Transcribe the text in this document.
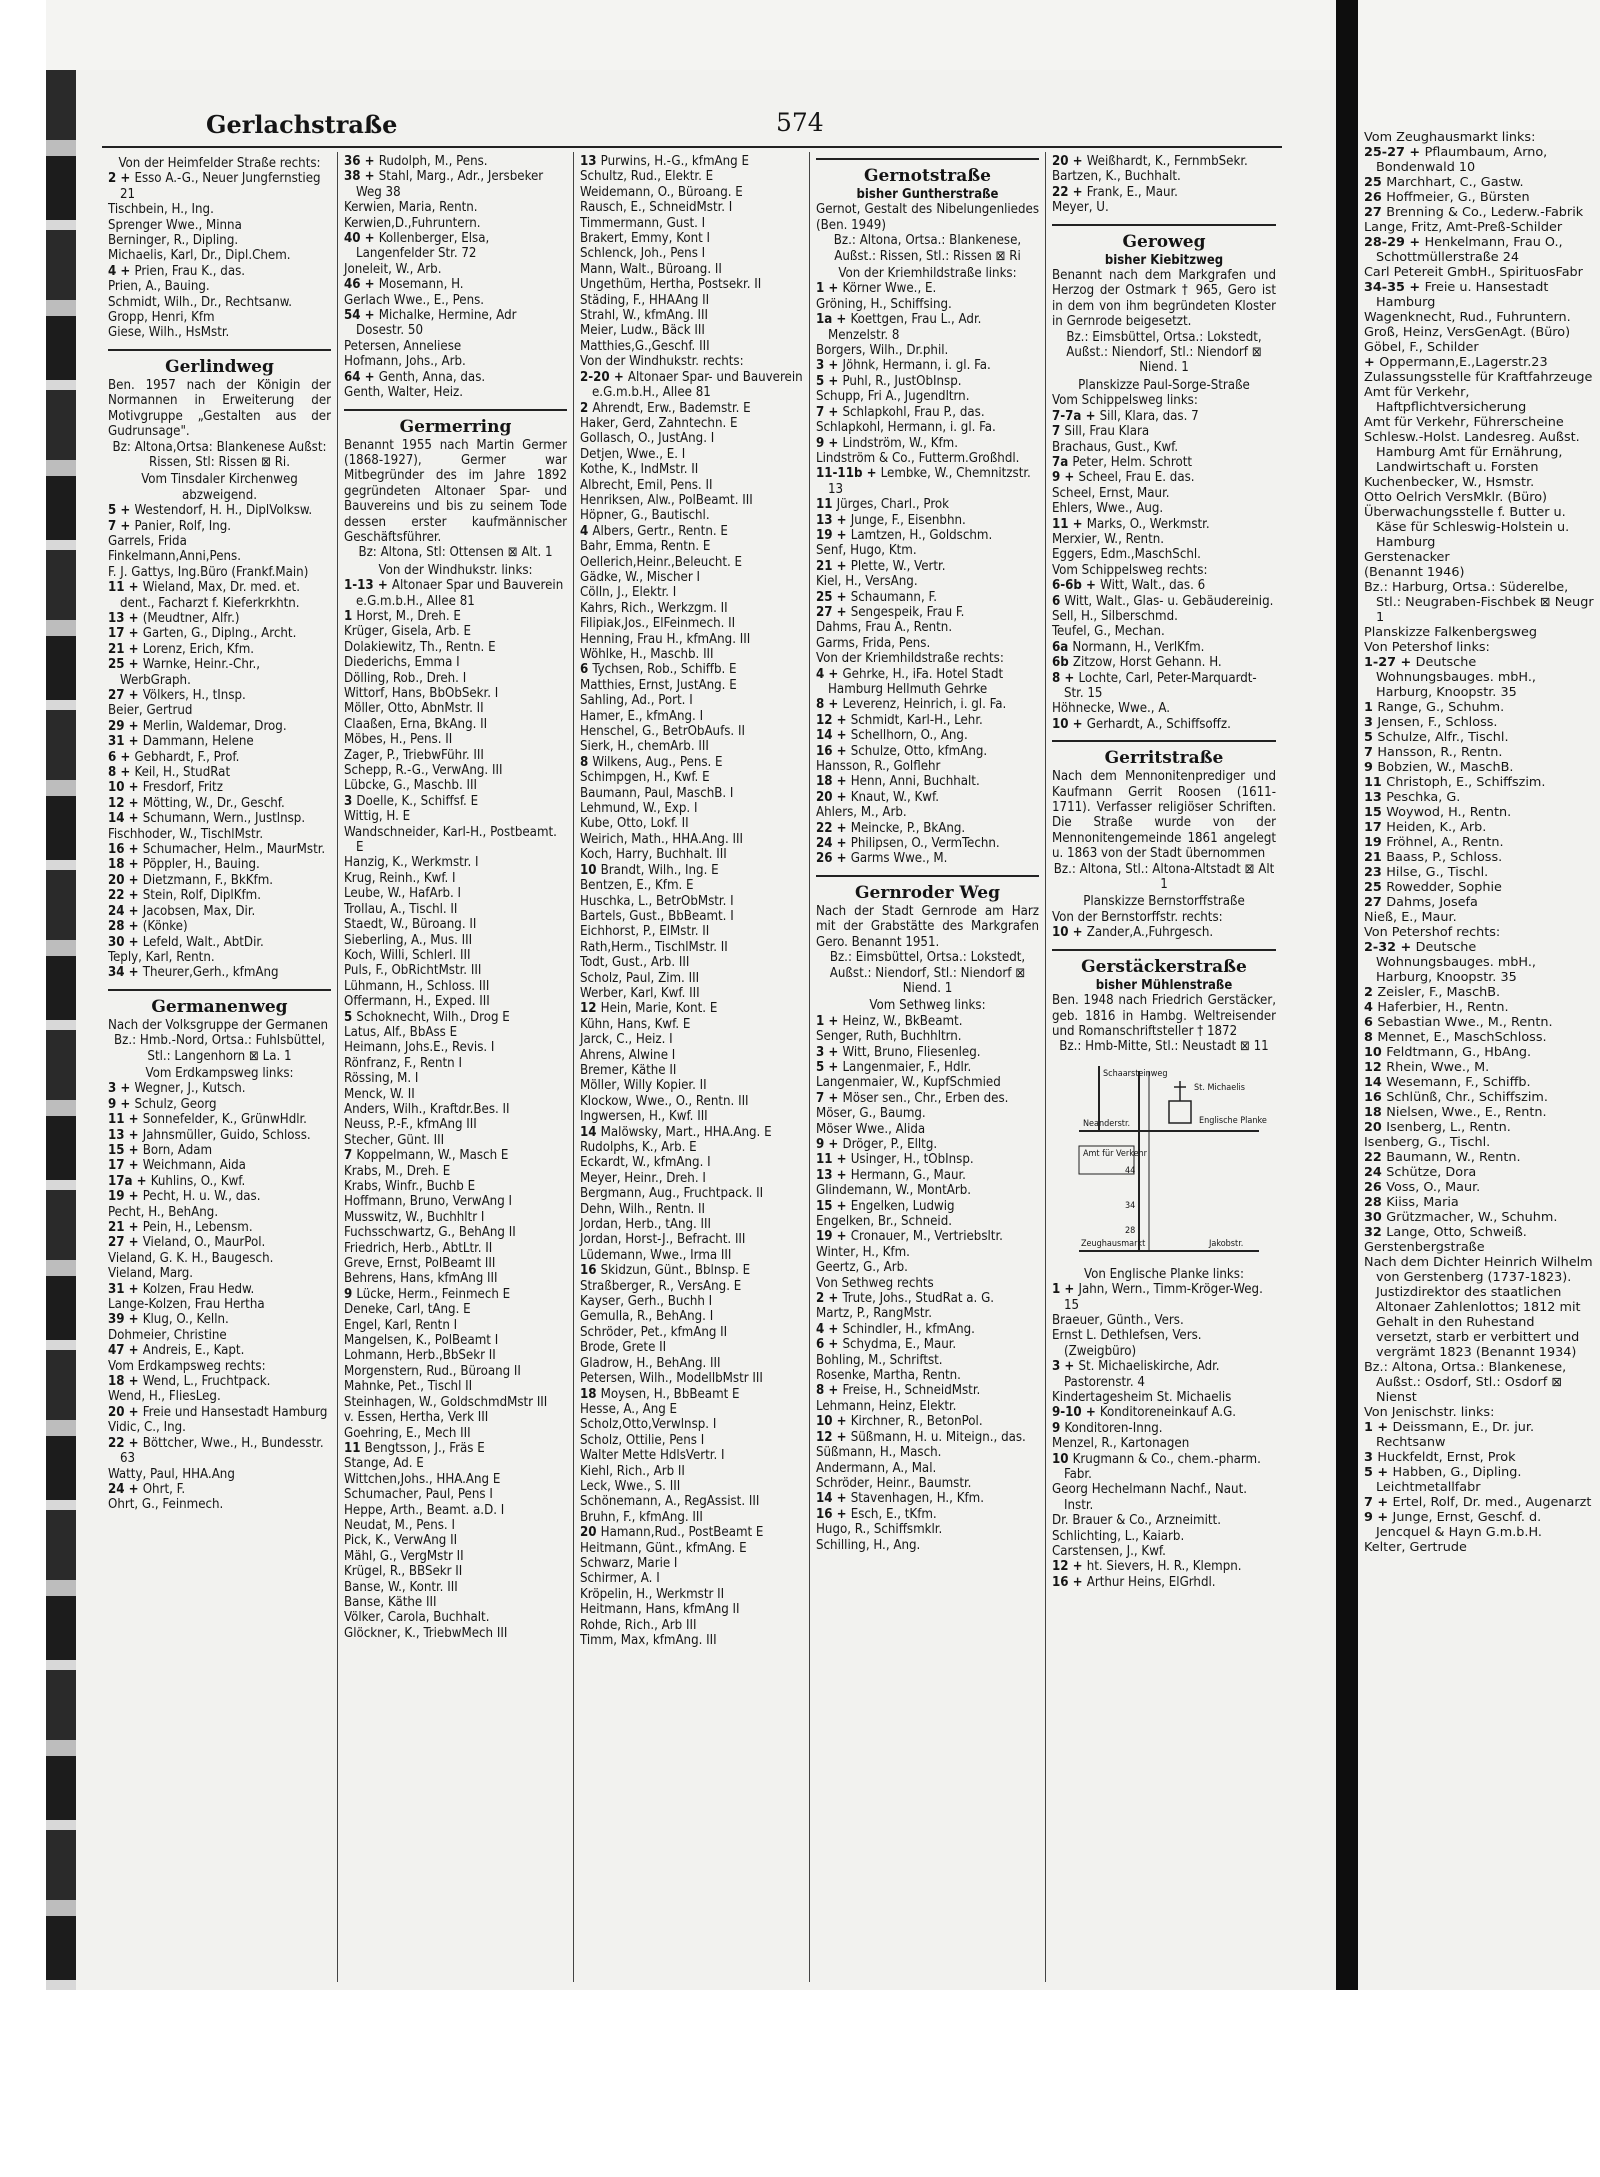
Gerlachstraße	574
Von der Heimfelder Straße rechts:
2 + Esso A.-G., Neuer Jungfernstieg 21
Tischbein, H., Ing.
Sprenger Wwe., Minna
Berninger, R., Dipling.
Michaelis, Karl, Dr., Dipl.Chem.
4 + Prien, Frau K., das.
Prien, A., Bauing.
Schmidt, Wilh., Dr., Rechtsanw.
Gropp, Henri, Kfm
Giese, Wilh., HsMstr.
Gerlindweg
Ben. 1957 nach der Königin der Normannen in Erweiterung der Motivgruppe „Gestalten aus der Gudrunsage".
Bz: Altona,Ortsa: Blankenese Außst: Rissen, Stl: Rissen ⊠ Ri.
Vom Tinsdaler Kirchenweg abzweigend.
5 + Westendorf, H. H., DiplVolksw.
7 + Panier, Rolf, Ing.
Garrels, Frida
Finkelmann,Anni,Pens.
F. J. Gattys, Ing.Büro (Frankf.Main)
11 + Wieland, Max, Dr. med. et. dent., Facharzt f. Kieferkrkhtn.
13 + (Meudtner, Alfr.)
17 + Garten, G., Diplng., Archt.
21 + Lorenz, Erich, Kfm.
25 + Warnke, Heinr.-Chr., WerbGraph.
27 + Völkers, H., tInsp.
Beier, Gertrud
29 + Merlin, Waldemar, Drog.
31 + Dammann, Helene
6 + Gebhardt, F., Prof.
8 + Keil, H., StudRat
10 + Fresdorf, Fritz
12 + Mötting, W., Dr., Geschf.
14 + Schumann, Wern., Justlnsp.
Fischhoder, W., TischlMstr.
16 + Schumacher, Helm., MaurMstr.
18 + Pöppler, H., Bauing.
20 + Dietzmann, F., BkKfm.
22 + Stein, Rolf, DiplKfm.
24 + Jacobsen, Max, Dir.
28 + (Könke)
30 + Lefeld, Walt., AbtDir.
Teply, Karl, Rentn.
34 + Theurer,Gerh., kfmAng
Germanenweg
Nach der Volksgruppe der Germanen
Bz.: Hmb.-Nord, Ortsa.: Fuhlsbüttel, Stl.: Langenhorn ⊠ La. 1
Vom Erdkampsweg links:
3 + Wegner, J., Kutsch.
9 + Schulz, Georg
11 + Sonnefelder, K., GrünwHdlr.
13 + Jahnsmüller, Guido, Schloss.
15 + Born, Adam
17 + Weichmann, Aida
17a + Kuhlins, O., Kwf.
19 + Pecht, H. u. W., das.
Pecht, H., BehAng.
21 + Pein, H., Lebensm.
27 + Vieland, O., MaurPol.
Vieland, G. K. H., Baugesch.
Vieland, Marg.
31 + Kolzen, Frau Hedw.
Lange-Kolzen, Frau Hertha
39 + Klug, O., Kelln.
Dohmeier, Christine
47 + Andreis, E., Kapt.
Vom Erdkampsweg rechts:
18 + Wend, L., Fruchtpack.
Wend, H., FliesLeg.
20 + Freie und Hansestadt Hamburg
Vidic, C., Ing.
22 + Böttcher, Wwe., H., Bundesstr. 63
Watty, Paul, HHA.Ang
24 + Ohrt, F.
Ohrt, G., Feinmech.
36 + Rudolph, M., Pens.
38 + Stahl, Marg., Adr., Jersbeker Weg 38
Kerwien, Maria, Rentn.
Kerwien,D.,Fuhruntern.
40 + Kollenberger, Elsa, Langenfelder Str. 72
Joneleit, W., Arb.
46 + Mosemann, H.
Gerlach Wwe., E., Pens.
54 + Michalke, Hermine, Adr Dosestr. 50
Petersen, Anneliese
Hofmann, Johs., Arb.
64 + Genth, Anna, das.
Genth, Walter, Heiz.
Germerring
Benannt 1955 nach Martin Germer (1868-1927), Germer war Mitbegründer des im Jahre 1892 gegründeten Altonaer Spar- und Bauvereins und bis zu seinem Tode dessen erster kaufmännischer Geschäftsführer.
Bz: Altona, Stl: Ottensen ⊠ Alt. 1
Von der Windhukstr. links:
1-13 + Altonaer Spar und Bauverein e.G.m.b.H., Allee 81
1 Horst, M., Dreh. E
Krüger, Gisela, Arb. E
Dolakiewitz, Th., Rentn. E
Diederichs, Emma I
Dölling, Rob., Dreh. I
Wittorf, Hans, BbObSekr. I
Möller, Otto, AbnMstr. II
Claaßen, Erna, BkAng. II
Möbes, H., Pens. II
Zager, P., TriebwFühr. III
Schepp, R.-G., VerwAng. III
Lübcke, G., Maschb. III
3 Doelle, K., Schiffsf. E
Wittig, H. E
Wandschneider, Karl-H., Postbeamt. E
Hanzig, K., Werkmstr. I
Krug, Reinh., Kwf. I
Leube, W., HafArb. I
Trollau, A., Tischl. II
Staedt, W., Büroang. II
Sieberling, A., Mus. III
Koch, Willi, Schlerl. III
Puls, F., ObRichtMstr. III
Lühmann, H., Schloss. III
Offermann, H., Exped. III
5 Schoknecht, Wilh., Drog E
Latus, Alf., BbAss E
Heimann, Johs.E., Revis. I
Rönfranz, F., Rentn I
Rössing, M. I
Menck, W. II
Anders, Wilh., Kraftdr.Bes. II
Neuss, P.-F., kfmAng III
Stecher, Günt. III
7 Koppelmann, W., Masch E
Krabs, M., Dreh. E
Krabs, Winfr., Buchb E
Hoffmann, Bruno, VerwAng I
Musswitz, W., Buchhltr I
Fuchsschwartz, G., BehAng II
Friedrich, Herb., AbtLtr. II
Greve, Ernst, PolBeamt III
Behrens, Hans, kfmAng III
9 Lücke, Herm., Feinmech E
Deneke, Carl, tAng. E
Engel, Karl, Rentn I
Mangelsen, K., PolBeamt I
Lohmann, Herb.,BbSekr II
Morgenstern, Rud., Büroang II
Mahnke, Pet., Tischl II
Steinhagen, W., GoldschmdMstr III
v. Essen, Hertha, Verk III
Goehring, E., Mech III
11 Bengtsson, J., Fräs E
Stange, Ad. E
Wittchen,Johs., HHA.Ang E
Schumacher, Paul, Pens I
Heppe, Arth., Beamt. a.D. I
Neudat, M., Pens. I
Pick, K., VerwAng II
Mähl, G., VergMstr II
Krügel, R., BBSekr II
Banse, W., Kontr. III
Banse, Käthe III
Völker, Carola, Buchhalt.
Glöckner, K., TriebwMech III
13 Purwins, H.-G., kfmAng E
Schultz, Rud., Elektr. E
Weidemann, O., Büroang. E
Rausch, E., SchneidMstr. I
Timmermann, Gust. I
Brakert, Emmy, Kont I
Schlenck, Joh., Pens I
Mann, Walt., Büroang. II
Ungethüm, Hertha, Postsekr. II
Städing, F., HHAAng II
Strahl, W., kfmAng. III
Meier, Ludw., Bäck III
Matthies,G.,Geschf. III
Von der Windhukstr. rechts:
2-20 + Altonaer Spar- und Bauverein e.G.m.b.H., Allee 81
2 Ahrendt, Erw., Bademstr. E
Haker, Gerd, Zahntechn. E
Gollasch, O., JustAng. I
Detjen, Wwe., E. I
Kothe, K., IndMstr. II
Albrecht, Emil, Pens. II
Henriksen, Alw., PolBeamt. III
Höpner, G., Bautischl.
4 Albers, Gertr., Rentn. E
Bahr, Emma, Rentn. E
Oellerich,Heinr.,Beleucht. E
Gädke, W., Mischer I
Cölln, J., Elektr. I
Kahrs, Rich., Werkzgm. II
Filipiak,Jos., ElFeinmech. II
Henning, Frau H., kfmAng. III
Wöhlke, H., Maschb. III
6 Tychsen, Rob., Schiffb. E
Matthies, Ernst, JustAng. E
Sahling, Ad., Port. I
Hamer, E., kfmAng. I
Henschel, G., BetrObAufs. II
Sierk, H., chemArb. III
8 Wilkens, Aug., Pens. E
Schimpgen, H., Kwf. E
Baumann, Paul, MaschB. I
Lehmund, W., Exp. I
Kube, Otto, Lokf. II
Weirich, Math., HHA.Ang. III
Koch, Harry, Buchhalt. III
10 Brandt, Wilh., Ing. E
Bentzen, E., Kfm. E
Huschka, L., BetrObMstr. I
Bartels, Gust., BbBeamt. I
Eichhorst, P., ElMstr. II
Rath,Herm., TischlMstr. II
Todt, Gust., Arb. III
Scholz, Paul, Zim. III
Werber, Karl, Kwf. III
12 Hein, Marie, Kont. E
Kühn, Hans, Kwf. E
Jarck, C., Heiz. I
Ahrens, Alwine I
Bremer, Käthe II
Möller, Willy Kopier. II
Klockow, Wwe., O., Rentn. III
Ingwersen, H., Kwf. III
14 Malöwsky, Mart., HHA.Ang. E
Rudolphs, K., Arb. E
Eckardt, W., kfmAng. I
Meyer, Heinr., Dreh. I
Bergmann, Aug., Fruchtpack. II
Dehn, Wilh., Rentn. II
Jordan, Herb., tAng. III
Jordan, Horst-J., Befracht. III
Lüdemann, Wwe., Irma III
16 Skidzun, Günt., Bblnsp. E
Straßberger, R., VersAng. E
Kayser, Gerh., Buchh I
Gemulla, R., BehAng. I
Schröder, Pet., kfmAng II
Brode, Grete II
Gladrow, H., BehAng. III
Petersen, Wilh., ModellbMstr III
18 Moysen, H., BbBeamt E
Hesse, A., Ang E
Scholz,Otto,Verwlnsp. I
Scholz, Ottilie, Pens I
Walter Mette HdlsVertr. I
Kiehl, Rich., Arb II
Leck, Wwe., S. III
Schönemann, A., RegAssist. III
Bruhn, F., kfmAng. III
20 Hamann,Rud., PostBeamt E
Heitmann, Günt., kfmAng. E
Schwarz, Marie I
Schirmer, A. I
Kröpelin, H., Werkmstr II
Heitmann, Hans, kfmAng II
Rohde, Rich., Arb III
Timm, Max, kfmAng. III
Gernotstraße
bisher Guntherstraße
Gernot, Gestalt des Nibelungenliedes (Ben. 1949)
Bz.: Altona, Ortsa.: Blankenese, Außst.: Rissen, Stl.: Rissen ⊠ Ri
Von der Kriemhildstraße links:
1 + Körner Wwe., E.
Gröning, H., Schiffsing.
1a + Koettgen, Frau L., Adr. Menzelstr. 8
Borgers, Wilh., Dr.phil.
3 + Jöhnk, Hermann, i. gl. Fa.
5 + Puhl, R., JustObInsp.
Schupp, Fri A., Jugendltrn.
7 + Schlapkohl, Frau P., das.
Schlapkohl, Hermann, i. gl. Fa.
9 + Lindström, W., Kfm.
Lindström & Co., Futterm.Großhdl.
11-11b + Lembke, W., Chemnitzstr. 13
11 Jürges, Charl., Prok
13 + Junge, F., Eisenbhn.
19 + Lamtzen, H., Goldschm.
Senf, Hugo, Ktm.
21 + Plette, W., Vertr.
Kiel, H., VersAng.
25 + Schaumann, F.
27 + Sengespeik, Frau F.
Dahms, Frau A., Rentn.
Garms, Frida, Pens.
Von der Kriemhildstraße rechts:
4 + Gehrke, H., iFa. Hotel Stadt Hamburg Hellmuth Gehrke
8 + Leverenz, Heinrich, i. gl. Fa.
12 + Schmidt, Karl-H., Lehr.
14 + Schellhorn, O., Ang.
16 + Schulze, Otto, kfmAng.
Hansson, R., Golflehr
18 + Henn, Anni, Buchhalt.
20 + Knaut, W., Kwf.
Ahlers, M., Arb.
22 + Meincke, P., BkAng.
24 + Philipsen, O., VermTechn.
26 + Garms Wwe., M.
Gernroder Weg
Nach der Stadt Gernrode am Harz mit der Grabstätte des Markgrafen Gero. Benannt 1951.
Bz.: Eimsbüttel, Ortsa.: Lokstedt, Außst.: Niendorf, Stl.: Niendorf ⊠ Niend. 1
Vom Sethweg links:
1 + Heinz, W., BkBeamt.
Senger, Ruth, Buchhltrn.
3 + Witt, Bruno, Fliesenleg.
5 + Langenmaier, F., Hdlr.
Langenmaier, W., KupfSchmied
7 + Möser sen., Chr., Erben des.
Möser, G., Baumg.
Möser Wwe., Alida
9 + Dröger, P., Elltg.
11 + Usinger, H., tObInsp.
13 + Hermann, G., Maur.
Glindemann, W., MontArb.
15 + Engelken, Ludwig
Engelken, Br., Schneid.
19 + Cronauer, M., Vertriebsltr.
Winter, H., Kfm.
Geertz, G., Arb.
Von Sethweg rechts
2 + Trute, Johs., StudRat a. G.
Martz, P., RangMstr.
4 + Schindler, H., kfmAng.
6 + Schydma, E., Maur.
Bohling, M., Schriftst.
Rosenke, Martha, Rentn.
8 + Freise, H., SchneidMstr.
Lehmann, Heinz, Elektr.
10 + Kirchner, R., BetonPol.
12 + Süßmann, H. u. Miteign., das.
Süßmann, H., Masch.
Andermann, A., Mal.
Schröder, Heinr., Baumstr.
14 + Stavenhagen, H., Kfm.
16 + Esch, E., tKfm.
Hugo, R., Schiffsmklr.
Schilling, H., Ang.
20 + Weißhardt, K., FernmbSekr.
Bartzen, K., Buchhalt.
22 + Frank, E., Maur.
Meyer, U.
Geroweg
bisher Kiebitzweg
Benannt nach dem Markgrafen und Herzog der Ostmark † 965, Gero ist in dem von ihm begründeten Kloster in Gernrode beigesetzt.
Bz.: Eimsbüttel, Ortsa.: Lokstedt, Außst.: Niendorf, Stl.: Niendorf ⊠ Niend. 1
Planskizze Paul-Sorge-Straße
Vom Schippelsweg links:
7-7a + Sill, Klara, das. 7
7 Sill, Frau Klara
Brachaus, Gust., Kwf.
7a Peter, Helm. Schrott
9 + Scheel, Frau E. das.
Scheel, Ernst, Maur.
Ehlers, Wwe., Aug.
11 + Marks, O., Werkmstr.
Merxier, W., Rentn.
Eggers, Edm.,MaschSchl.
Vom Schippelsweg rechts:
6-6b + Witt, Walt., das. 6
6 Witt, Walt., Glas- u. Gebäudereinig.
Sell, H., Silberschmd.
Teufel, G., Mechan.
6a Normann, H., VerlKfm.
6b Zitzow, Horst Gehann. H.
8 + Lochte, Carl, Peter-Marquardt-Str. 15
Höhnecke, Wwe., A.
10 + Gerhardt, A., Schiffsoffz.
Gerritstraße
Nach dem Mennonitenprediger und Kaufmann Gerrit Roosen (1611-1711). Verfasser religiöser Schriften. Die Straße wurde von der Mennonitengemeinde 1861 angelegt u. 1863 von der Stadt übernommen
Bz.: Altona, Stl.: Altona-Altstadt ⊠ Alt 1
Planskizze Bernstorffstraße
Von der Bernstorffstr. rechts:
10 + Zander,A.,Fuhrgesch.
Gerstäckerstraße
bisher Mühlenstraße
Ben. 1948 nach Friedrich Gerstäcker, geb. 1816 in Hambg. Weltreisender und Romanschriftsteller † 1872
Bz.: Hmb-Mitte, Stl.: Neustadt ⊠ 11
St. Michaelis
Neanderstr.	Englische Planke
Amt für Verkehr
Zeughausmarkt	Jakobstr.
Schaarsteinweg
44
34
28
Von Englische Planke links:
1 + Jahn, Wern., Timm-Kröger-Weg. 15
Braeuer, Günth., Vers.
Ernst L. Dethlefsen, Vers. (Zweigbüro)
3 + St. Michaeliskirche, Adr. Pastorenstr. 4
Kindertagesheim St. Michaelis
9-10 + Konditoreneinkauf A.G.
9 Konditoren-Inng.
Menzel, R., Kartonagen
10 Krugmann & Co., chem.-pharm. Fabr.
Georg Hechelmann Nachf., Naut. Instr.
Dr. Brauer & Co., Arzneimitt.
Schlichting, L., Kaiarb.
Carstensen, J., Kwf.
12 + ht. Sievers, H. R., Klempn.
16 + Arthur Heins, ElGrhdl.
Vom Zeughausmarkt links:
25-27 + Pflaumbaum, Arno, Bondenwald 10
25 Marchhart, C., Gastw.
26 Hoffmeier, G., Bürsten
27 Brenning & Co., Lederw.-Fabrik
Lange, Fritz, Amt-Preß-Schilder
28-29 + Henkelmann, Frau O., Schottmüllerstraße 24
Carl Petereit GmbH., SpirituosFabr
34-35 + Freie u. Hansestadt Hamburg
Wagenknecht, Rud., Fuhruntern.
Groß, Heinz, VersGenAgt. (Büro)
Göbel, F., Schilder
+ Oppermann,E.,Lagerstr.23
Zulassungsstelle für Kraftfahrzeuge
Amt für Verkehr, Haftpflichtversicherung
Amt für Verkehr, Führerscheine
Schlesw.-Holst. Landesreg. Außst. Hamburg Amt für Ernährung, Landwirtschaft u. Forsten
Kuchenbecker, W., Hsmstr.
Otto Oelrich VersMklr. (Büro)
Überwachungsstelle f. Butter u. Käse für Schleswig-Holstein u. Hamburg
Gerstenacker
(Benannt 1946)
Bz.: Harburg, Ortsa.: Süderelbe, Stl.: Neugraben-Fischbek ⊠ Neugr 1
Planskizze Falkenbergsweg
Von Petershof links:
1-27 + Deutsche Wohnungsbauges. mbH., Harburg, Knoopstr. 35
1 Range, G., Schuhm.
3 Jensen, F., Schloss.
5 Schulze, Alfr., Tischl.
7 Hansson, R., Rentn.
9 Bobzien, W., MaschB.
11 Christoph, E., Schiffszim.
13 Peschka, G.
15 Woywod, H., Rentn.
17 Heiden, K., Arb.
19 Fröhnel, A., Rentn.
21 Baass, P., Schloss.
23 Hilse, G., Tischl.
25 Rowedder, Sophie
27 Dahms, Josefa
Nieß, E., Maur.
Von Petershof rechts:
2-32 + Deutsche Wohnungsbauges. mbH., Harburg, Knoopstr. 35
2 Zeisler, F., MaschB.
4 Haferbier, H., Rentn.
6 Sebastian Wwe., M., Rentn.
8 Mennet, E., MaschSchloss.
10 Feldtmann, G., HbAng.
12 Rhein, Wwe., M.
14 Wesemann, F., Schiffb.
16 Schlünß, Chr., Schiffszim.
18 Nielsen, Wwe., E., Rentn.
20 Isenberg, L., Rentn.
Isenberg, G., Tischl.
22 Baumann, W., Rentn.
24 Schütze, Dora
26 Voss, O., Maur.
28 Kiiss, Maria
30 Grützmacher, W., Schuhm.
32 Lange, Otto, Schweiß.
Gerstenbergstraße
Nach dem Dichter Heinrich Wilhelm von Gerstenberg (1737-1823). Justizdirektor des staatlichen Altonaer Zahlenlottos; 1812 mit Gehalt in den Ruhestand versetzt, starb er verbittert und vergrämt 1823 (Benannt 1934)
Bz.: Altona, Ortsa.: Blankenese, Außst.: Osdorf, Stl.: Osdorf ⊠ Nienst
Von Jenischstr. links:
1 + Deissmann, E., Dr. jur. Rechtsanw
3 Huckfeldt, Ernst, Prok
5 + Habben, G., Dipling. Leichtmetallfabr
7 + Ertel, Rolf, Dr. med., Augenarzt
9 + Junge, Ernst, Geschf. d. Jencquel & Hayn G.m.b.H.
Kelter, Gertrude
